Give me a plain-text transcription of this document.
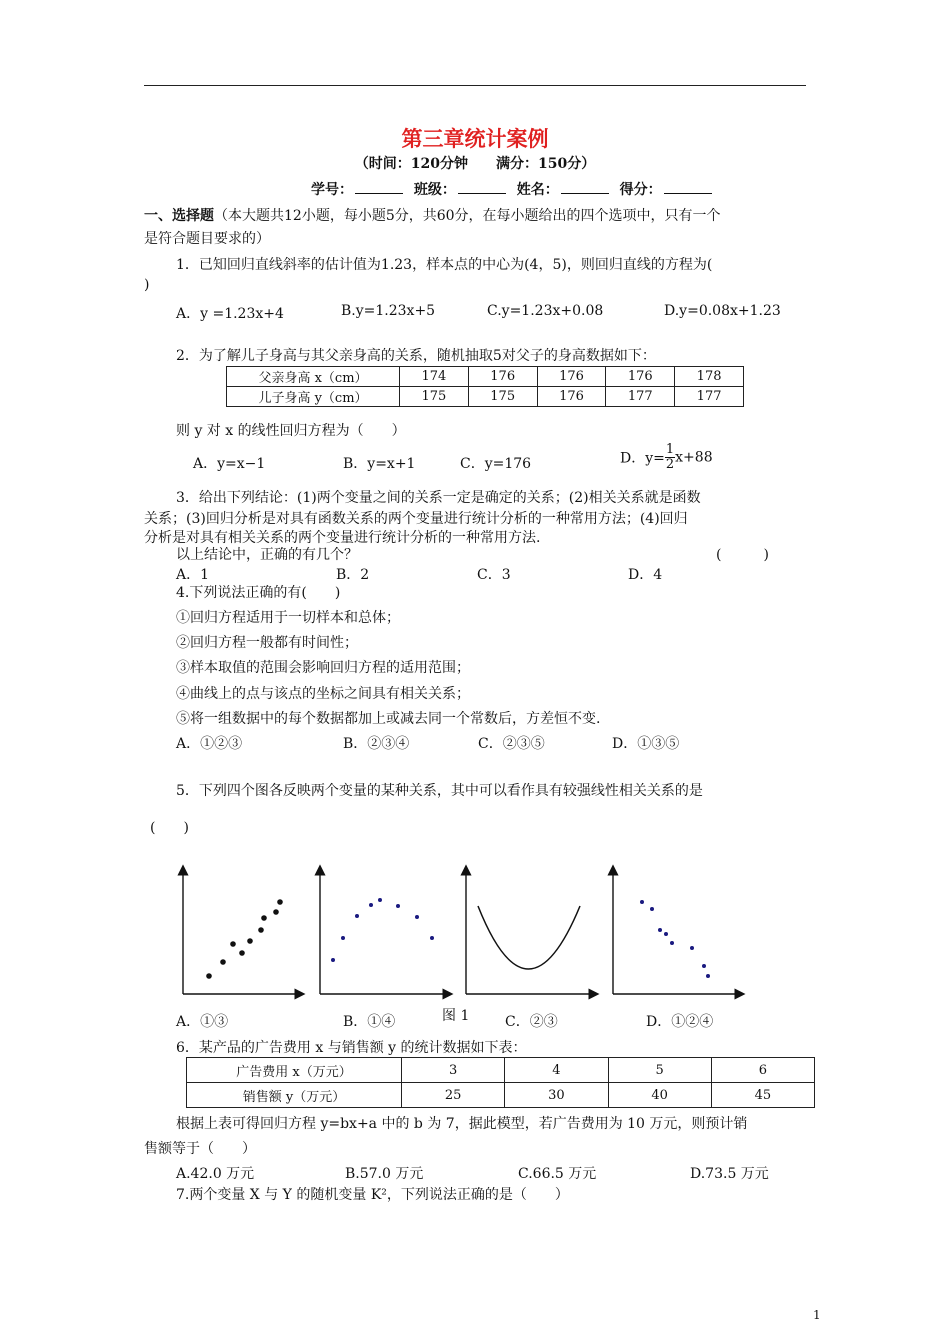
第三章统计案例
（时间：120分钟　　满分：150分）
学号：	班级：	姓名：	得分：
一、选择题（本大题共12小题，每小题5分，共60分，在每小题给出的四个选项中，只有一个
是符合题目要求的）
1．已知回归直线斜率的估计值为1.23，样本点的中心为(4，5)，则回归直线的方程为(
)
A．y =1.23x+4	B.y=1.23x+5	C.y=1.23x+0.08	D.y=0.08x+1.23
2．为了解儿子身高与其父亲身高的关系，随机抽取5对父子的身高数据如下：
父亲身高 x（cm）	174	176	176	176	178
儿子身高 y（cm）	175	175	176	177	177
则 y 对 x 的线性回归方程为（　　）
A．y=x−1	B．y=x+1	C．y=176	D．$y= \frac{1}{2} x+88$
3．给出下列结论：(1)两个变量之间的关系一定是确定的关系；(2)相关关系就是函数
关系；(3)回归分析是对具有函数关系的两个变量进行统计分析的一种常用方法；(4)回归
分析是对具有相关关系的两个变量进行统计分析的一种常用方法.
以上结论中，正确的有几个？	(　　　)
A．1	B．2	C．3	D．4
4.下列说法正确的有(　　)
①回归方程适用于一切样本和总体；
②回归方程一般都有时间性；
③样本取值的范围会影响回归方程的适用范围；
④曲线上的点与该点的坐标之间具有相关关系；
⑤将一组数据中的每个数据都加上或减去同一个常数后，方差恒不变.
A．①②③	B．②③④	C．②③⑤	D．①③⑤
5．下列四个图各反映两个变量的某种关系，其中可以看作具有较强线性相关关系的是
(　　)
A．①③	B．①④	图 1	C．②③	D．①②④
6．某产品的广告费用 x 与销售额 y 的统计数据如下表：
广告费用 x（万元）	3	4	5	6
销售额 y（万元）	25	30	40	45
根据上表可得回归方程 y=bx+a 中的 b 为 7，据此模型，若广告费用为 10 万元，则预计销
售额等于（　　）
A.42.0 万元	B.57.0 万元	C.66.5 万元	D.73.5 万元
7.两个变量 X 与 Y 的随机变量 K²，下列说法正确的是（　　）
1
